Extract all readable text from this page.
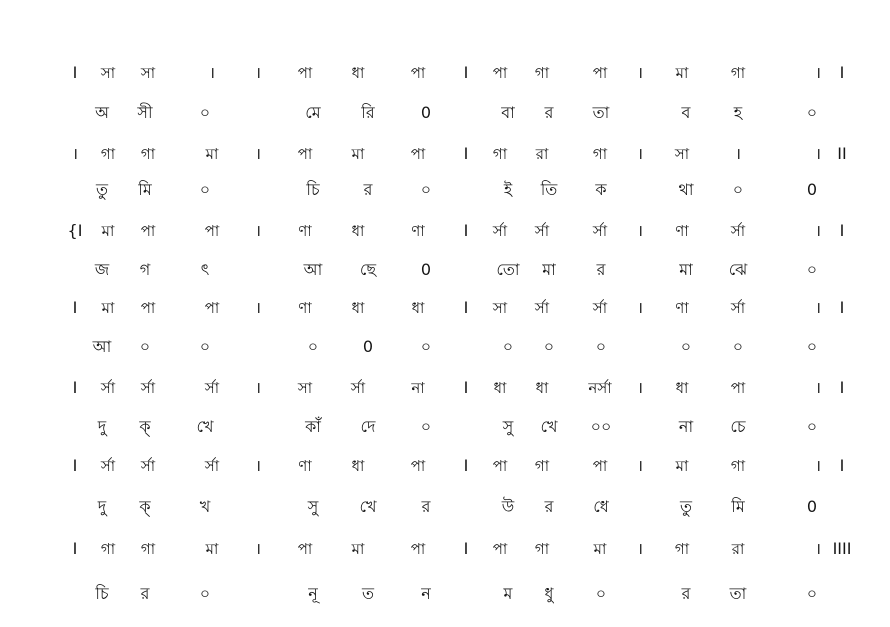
I সা সা	। । পা	ধা	পা I পা গা	পা । মা	গা	। I
অ সী	০	মে	রি	0	বা র তা	ব	হ	০
। গা গা	মা । পা	মা	পা I গা রা	গা । সা	।	। II
তু মি	০	চি	র	০	ই তি ক	থা ০	0
{I মা পা	পা । ণা	ধা	ণা I র্সা র্সা	র্সা । ণা	র্সা	। I
জ গ	ৎ	আ ছে	0	তো মা	র	মা ঝে	০
I মা পা	পা । ণা	ধা	ধা I সা র্সা	র্সা । ণা	র্সা	। I
আ ০	০	০	0	০	০ ০	০	০	০	০
I র্সা র্সা	র্সা । সা	র্সা	না I ধা ধা	নর্সা । ধা	পা	। I
দু ক্	খে	কাঁ দে	০	সু খে ০০	না চে	০
I র্সা র্সা	র্সা । ণা	ধা	পা I পা গা	পা । মা	গা	। I
দু ক্	খ	সু	খে	র	উ র ধে	তু মি	0
I গা গা	মা । পা	মা	পা I পা গা	মা । গা	রা	। IIII
চি র	০	নূ	ত	ন	ম ধু	০	র তা	০
